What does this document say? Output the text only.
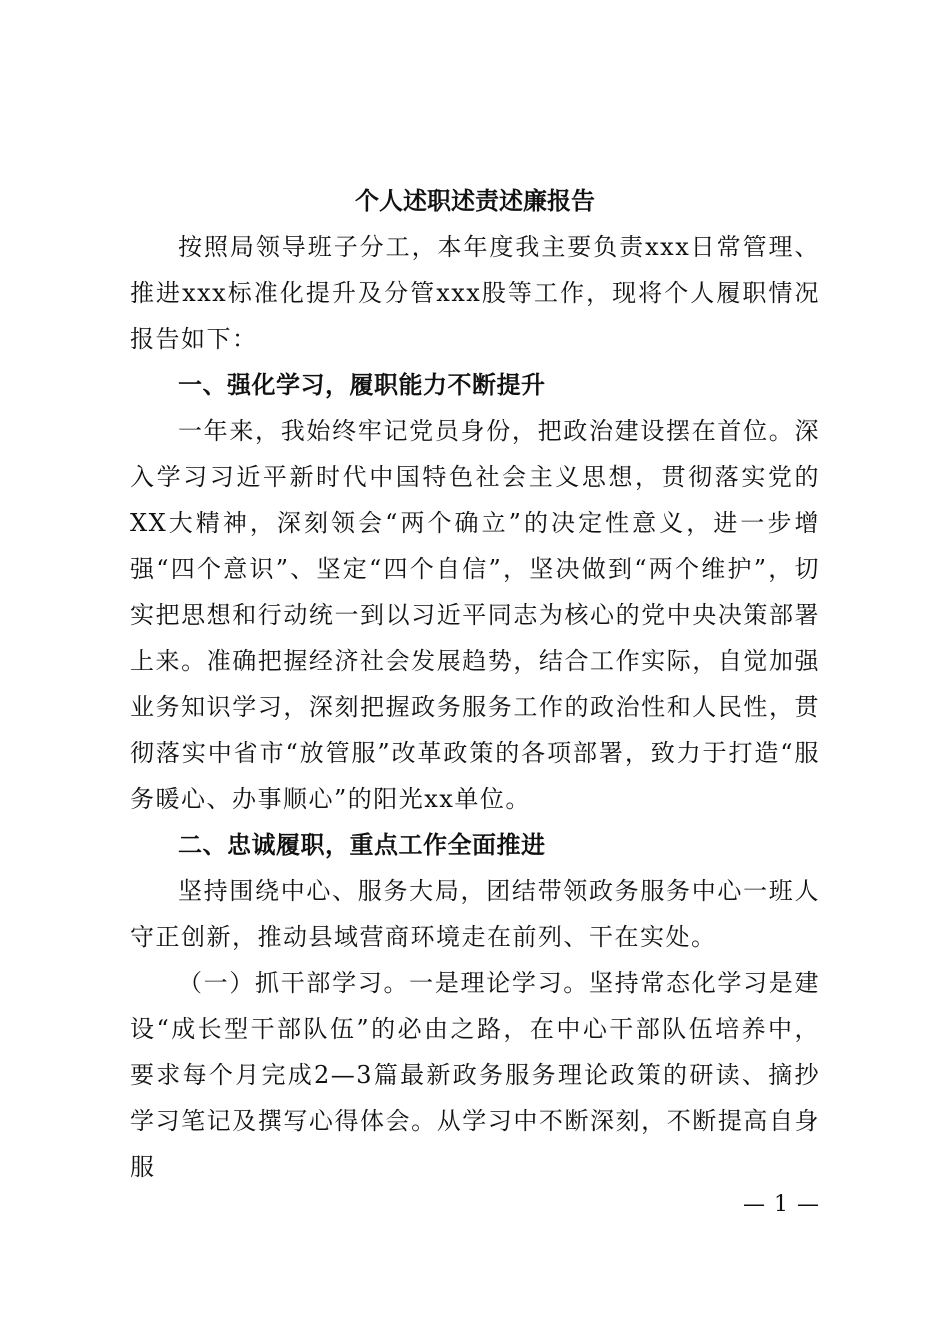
个人述职述责述廉报告

按照局领导班子分工，本年度我主要负责xxx日常管理、推进xxx标准化提升及分管xxx股等工作，现将个人履职情况报告如下：

一、强化学习，履职能力不断提升

一年来，我始终牢记党员身份，把政治建设摆在首位。深入学习习近平新时代中国特色社会主义思想，贯彻落实党的XX大精神，深刻领会“两个确立”的决定性意义，进一步增强“四个意识”、坚定“四个自信”，坚决做到“两个维护”，切实把思想和行动统一到以习近平同志为核心的党中央决策部署上来。准确把握经济社会发展趋势，结合工作实际，自觉加强业务知识学习，深刻把握政务服务工作的政治性和人民性，贯彻落实中省市“放管服”改革政策的各项部署，致力于打造“服务暖心、办事顺心”的阳光xx单位。

二、忠诚履职，重点工作全面推进

坚持围绕中心、服务大局，团结带领政务服务中心一班人守正创新，推动县域营商环境走在前列、干在实处。

（一）抓干部学习。一是理论学习。坚持常态化学习是建设“成长型干部队伍”的必由之路，在中心干部队伍培养中，要求每个月完成2—3篇最新政务服务理论政策的研读、摘抄学习笔记及撰写心得体会。从学习中不断深刻，不断提高自身服

— 1 —
